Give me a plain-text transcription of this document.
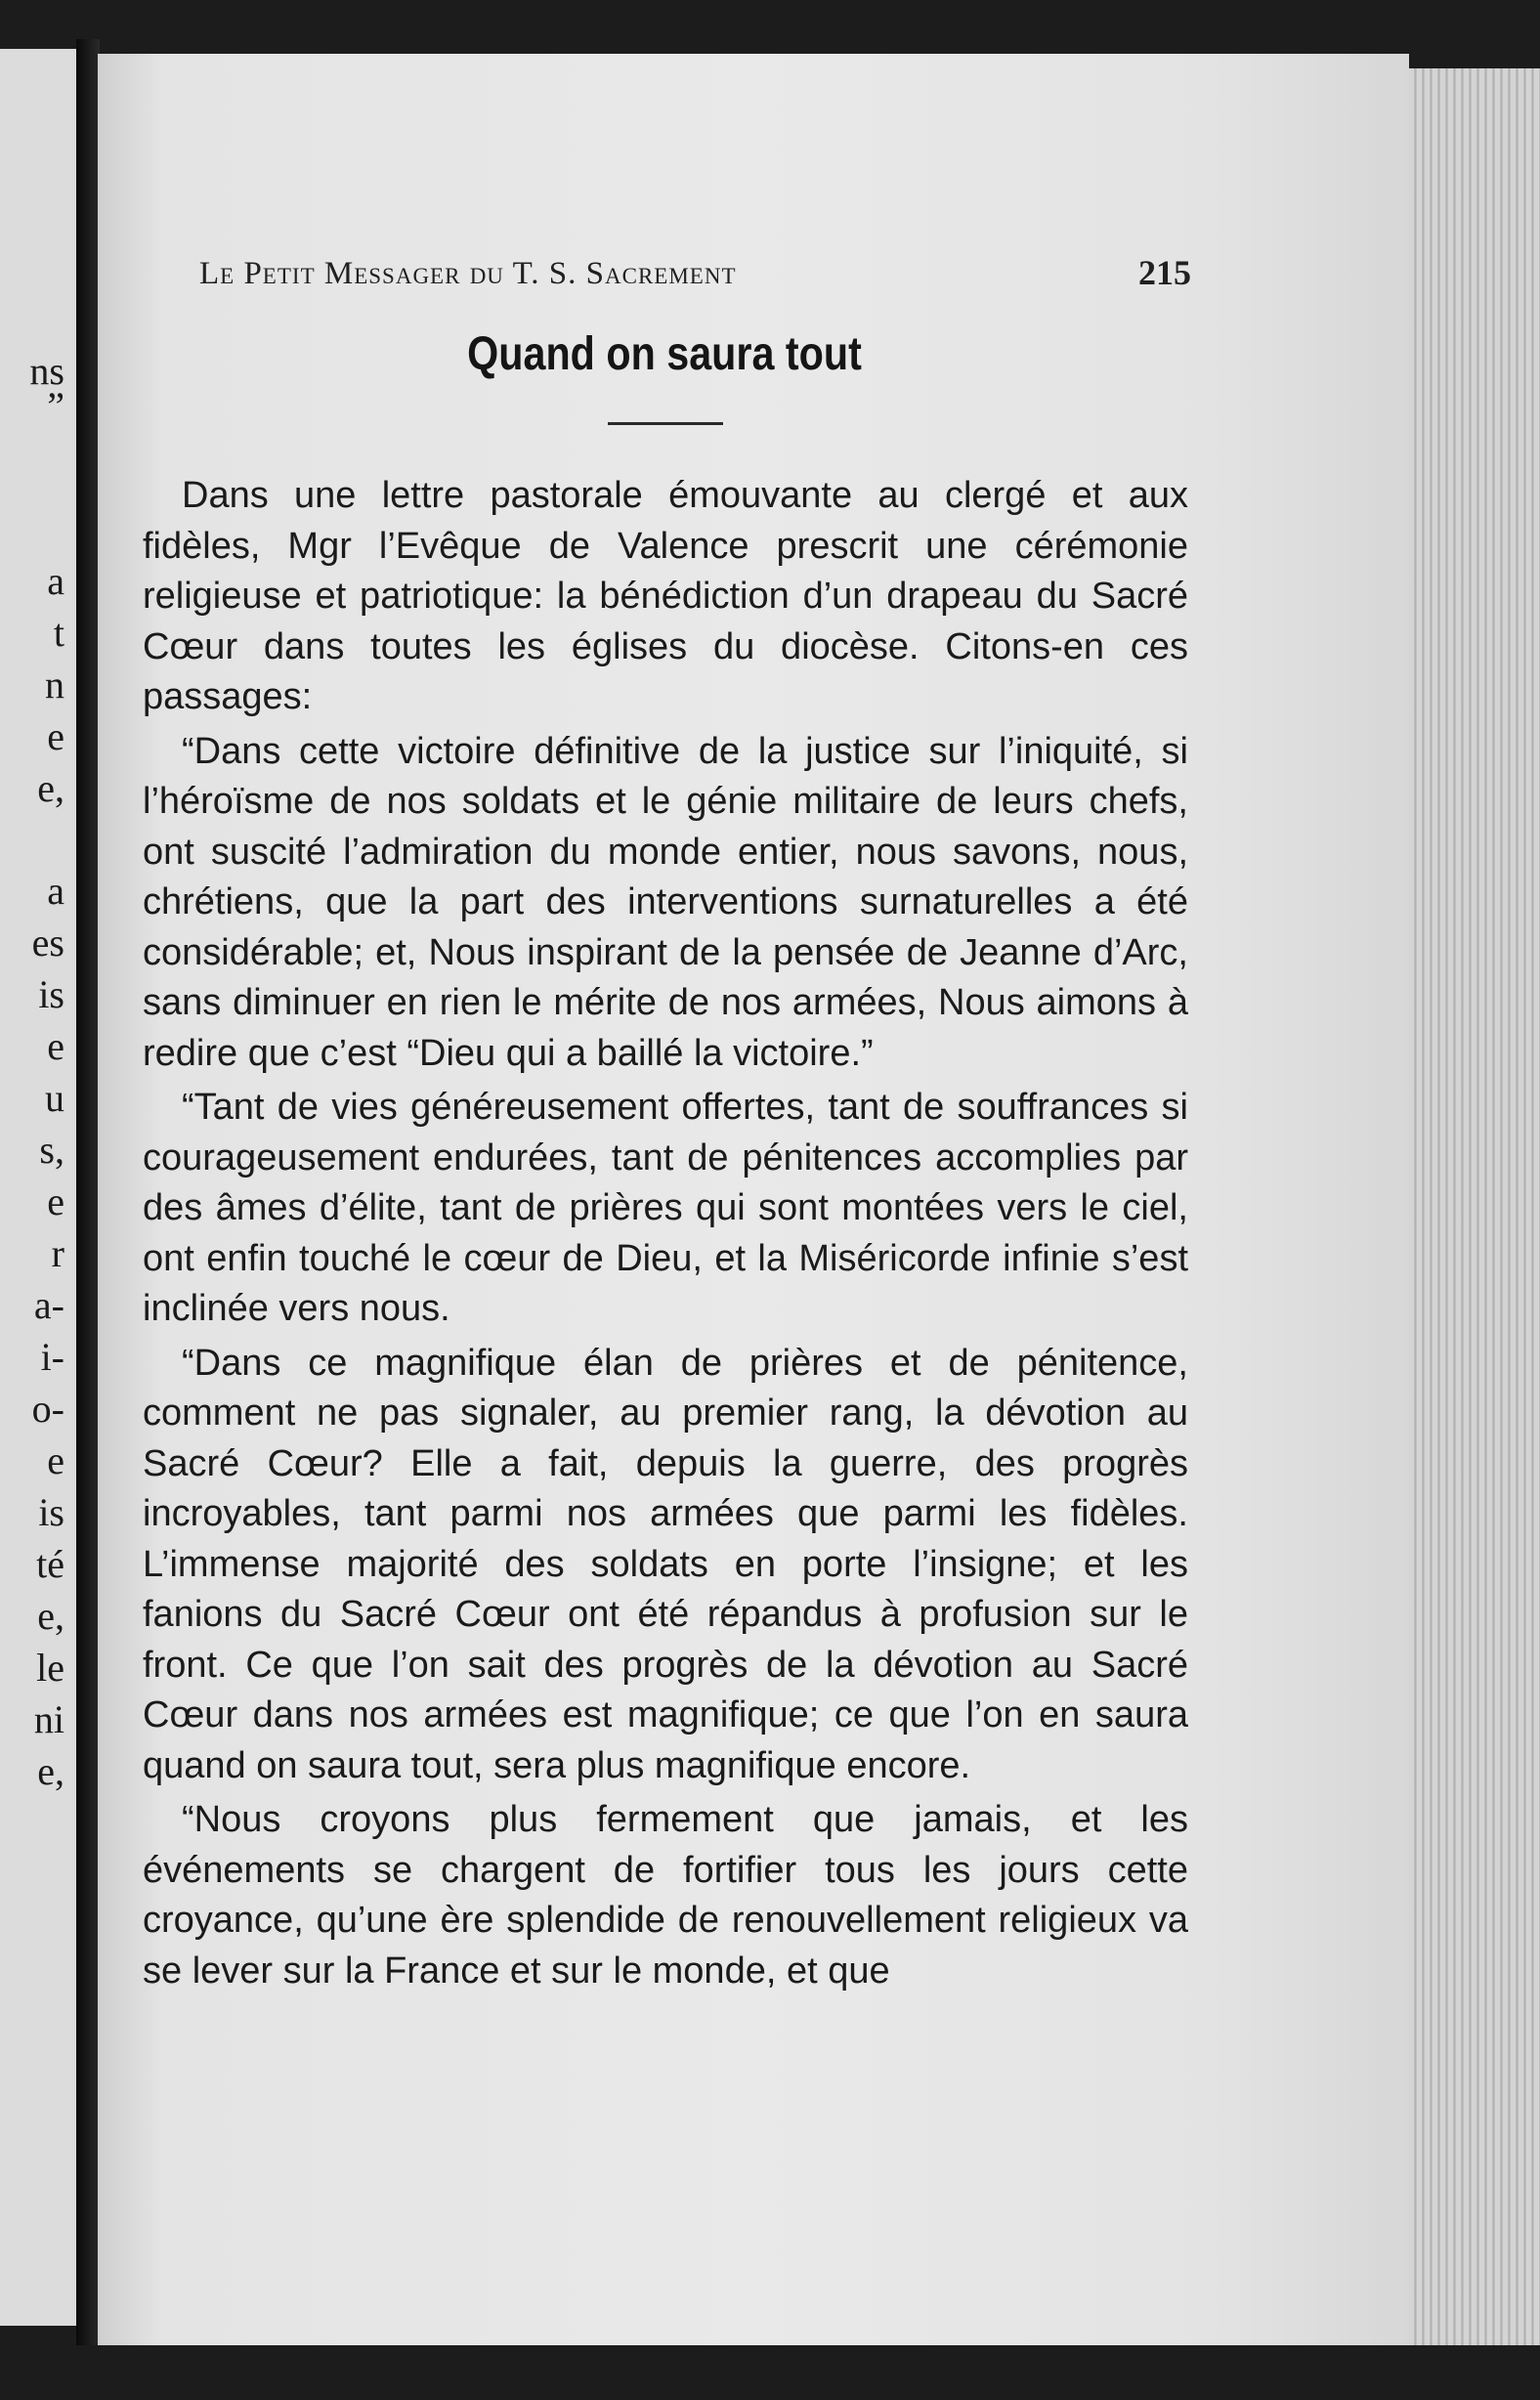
ns
”
a
t
n
e
e,
a
es
is
e
u
s,
e
r
a-
i-
o-
e
is
té
e,
le
ni
e,
Le Petit Messager du T. S. Sacrement	215
Quand on saura tout

Dans une lettre pastorale émouvante au clergé et aux fidèles, Mgr l’Evêque de Valence prescrit une cérémonie religieuse et patriotique: la bénédiction d’un drapeau du Sacré Cœur dans toutes les églises du diocèse. Citons-en ces passages:

“Dans cette victoire définitive de la justice sur l’iniquité, si l’héroïsme de nos soldats et le génie militaire de leurs chefs, ont suscité l’admiration du monde entier, nous savons, nous, chrétiens, que la part des interventions surnaturelles a été considérable; et, Nous inspirant de la pensée de Jeanne d’Arc, sans diminuer en rien le mérite de nos armées, Nous aimons à redire que c’est “Dieu qui a baillé la victoire.”

“Tant de vies généreusement offertes, tant de souffrances si courageusement endurées, tant de pénitences accomplies par des âmes d’élite, tant de prières qui sont montées vers le ciel, ont enfin touché le cœur de Dieu, et la Miséricorde infinie s’est inclinée vers nous.

“Dans ce magnifique élan de prières et de pénitence, comment ne pas signaler, au premier rang, la dévotion au Sacré Cœur? Elle a fait, depuis la guerre, des progrès incroyables, tant parmi nos armées que parmi les fidèles. L’immense majorité des soldats en porte l’insigne; et les fanions du Sacré Cœur ont été répandus à profusion sur le front. Ce que l’on sait des progrès de la dévotion au Sacré Cœur dans nos armées est magnifique; ce que l’on en saura quand on saura tout, sera plus magnifique encore.

“Nous croyons plus fermement que jamais, et les événements se chargent de fortifier tous les jours cette croyance, qu’une ère splendide de renouvellement religieux va se lever sur la France et sur le monde, et que
